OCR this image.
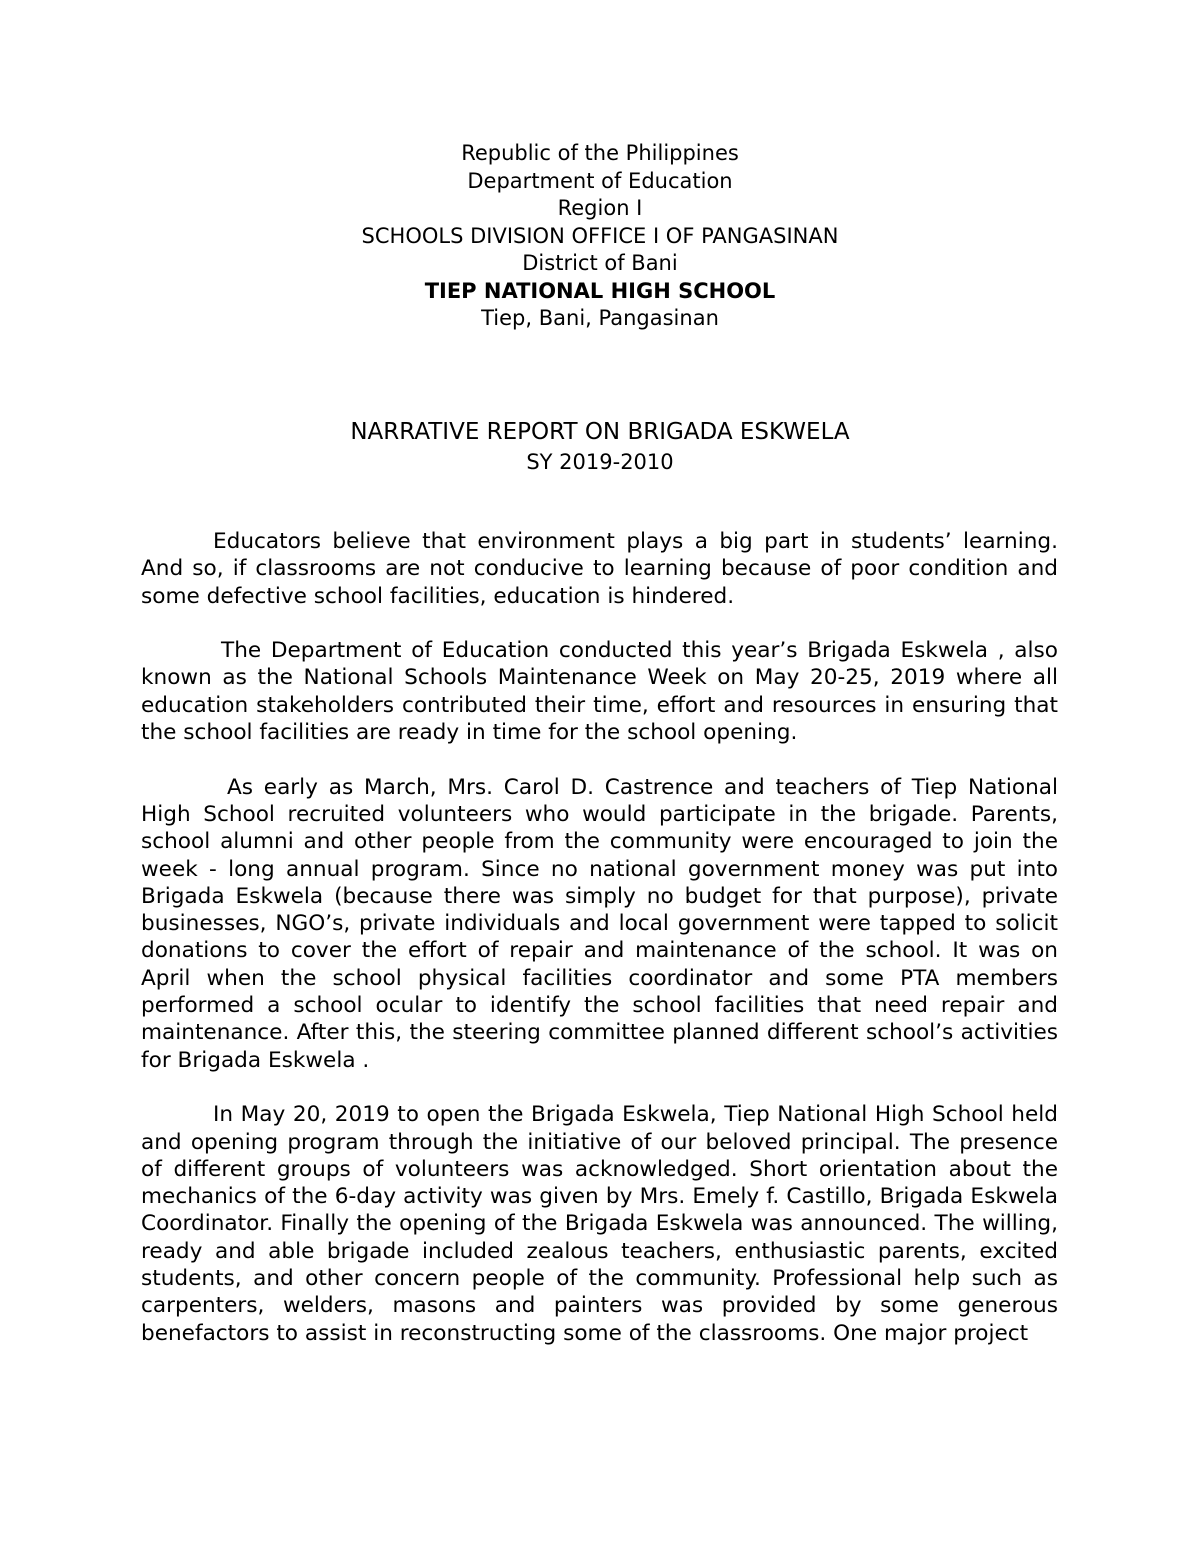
Republic of the Philippines
Department of Education
Region I
SCHOOLS DIVISION OFFICE I OF PANGASINAN
District of Bani
TIEP NATIONAL HIGH SCHOOL
Tiep, Bani, Pangasinan
NARRATIVE REPORT ON BRIGADA ESKWELA
SY 2019-2010

Educators believe that environment plays a big part in students’ learning. And so, if classrooms are not conducive to learning because of poor condition and some defective school facilities, education is hindered.

The Department of Education conducted this year’s Brigada Eskwela , also known as the National Schools Maintenance Week on May 20-25, 2019 where all education stakeholders contributed their time, effort and resources in ensuring that the school facilities are ready in time for the school opening.

As early as March, Mrs. Carol D. Castrence and teachers of Tiep National High School recruited volunteers who would participate in the brigade. Parents, school alumni and other people from the community were encouraged to join the week - long annual program. Since no national government money was put into Brigada Eskwela (because there was simply no budget for that purpose), private businesses, NGO’s, private individuals and local government were tapped to solicit donations to cover the effort of repair and maintenance of the school. It was on April when the school physical facilities coordinator and some PTA members performed a school ocular to identify the school facilities that need repair and maintenance. After this, the steering committee planned different school’s activities for Brigada Eskwela .

In May 20, 2019 to open the Brigada Eskwela, Tiep National High School held and opening program through the initiative of our beloved principal. The presence of different groups of volunteers was acknowledged. Short orientation about the mechanics of the 6-day activity was given by Mrs. Emely f. Castillo, Brigada Eskwela Coordinator. Finally the opening of the Brigada Eskwela was announced. The willing, ready and able brigade included zealous teachers, enthusiastic parents, excited students, and other concern people of the community. Professional help such as carpenters, welders, masons and painters was provided by some generous benefactors to assist in reconstructing some of the classrooms. One major project
